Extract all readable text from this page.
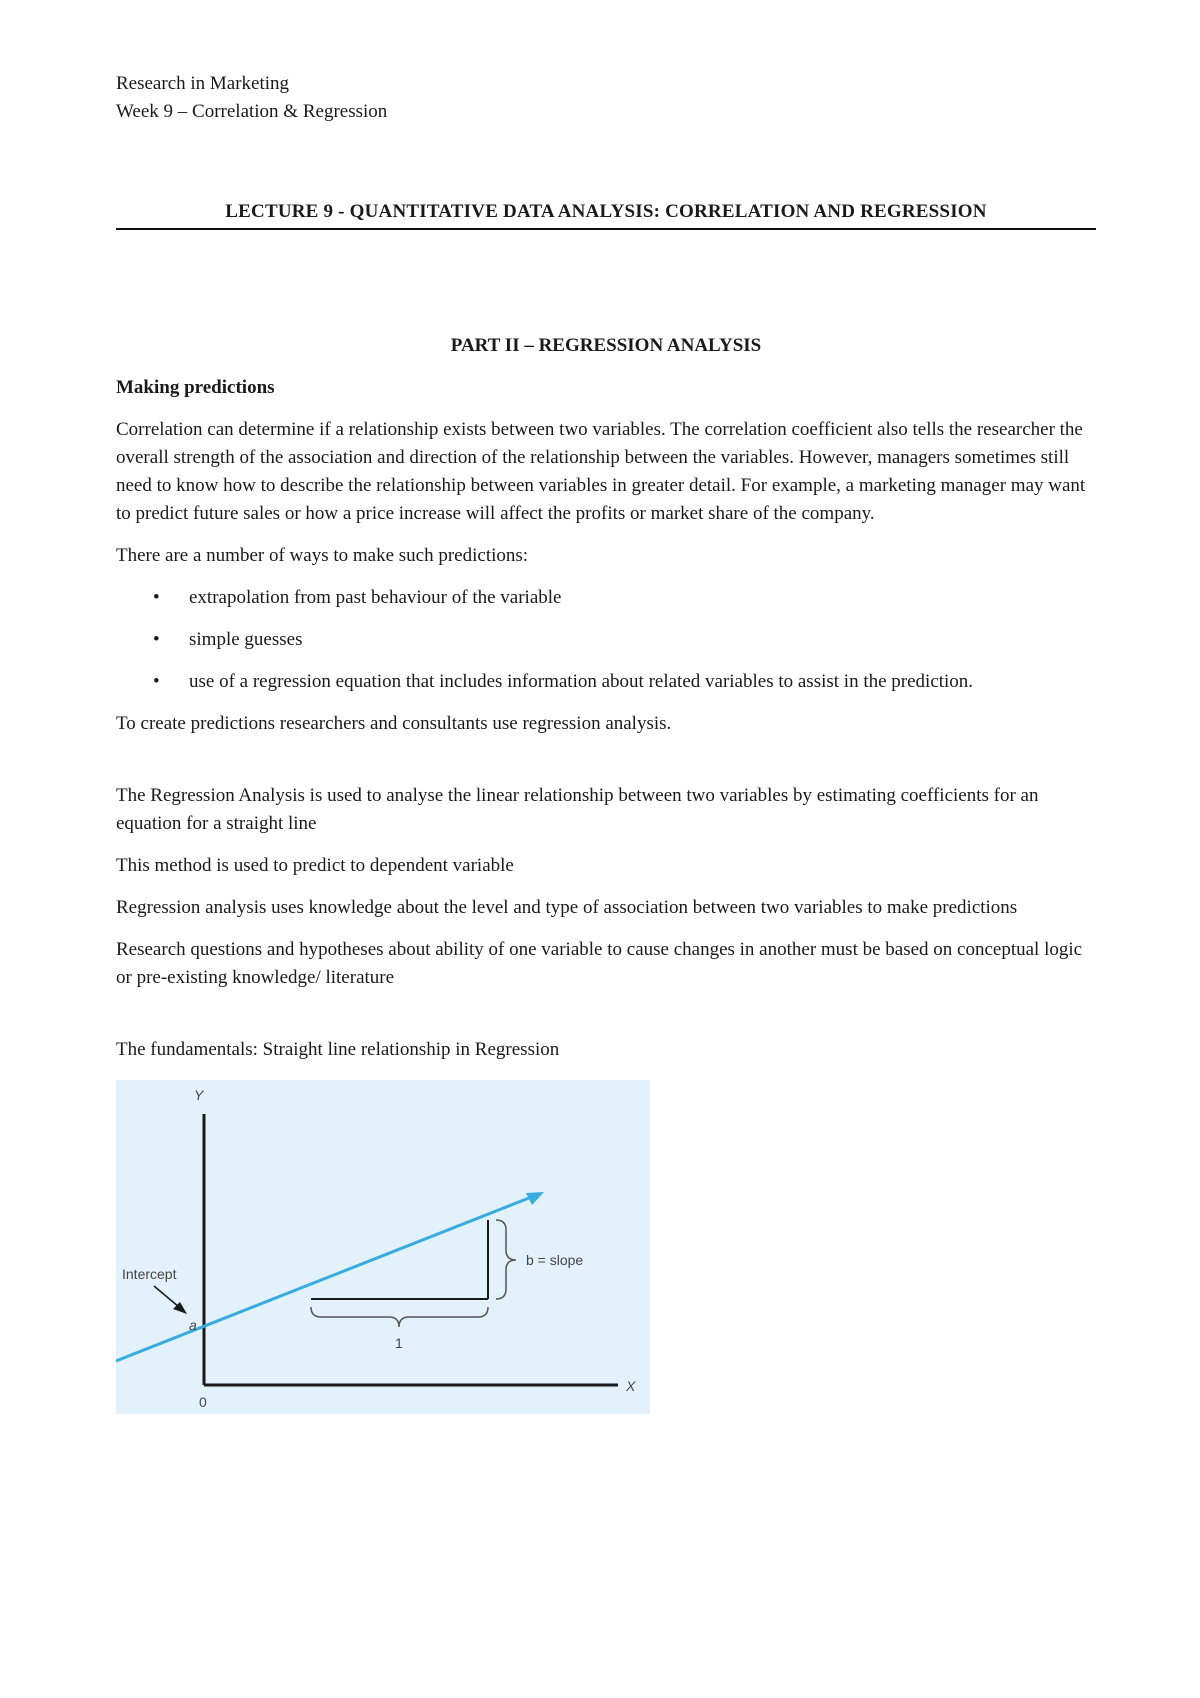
Research in Marketing

Week 9 – Correlation & Regression

LECTURE 9 - QUANTITATIVE DATA ANALYSIS: CORRELATION AND REGRESSION
PART II – REGRESSION ANALYSIS
Making predictions

Correlation can determine if a relationship exists between two variables. The correlation coefficient also tells the researcher the overall strength of the association and direction of the relationship between the variables. However, managers sometimes still need to know how to describe the relationship between variables in greater detail. For example, a marketing manager may want to predict future sales or how a price increase will affect the profits or market share of the company.

There are a number of ways to make such predictions:

• extrapolation from past behaviour of the variable
• simple guesses
• use of a regression equation that includes information about related variables to assist in the prediction.

To create predictions researchers and consultants use regression analysis.

The Regression Analysis is used to analyse the linear relationship between two variables by estimating coefficients for an equation for a straight line

This method is used to predict to dependent variable

Regression analysis uses knowledge about the level and type of association between two variables to make predictions

Research questions and hypotheses about ability of one variable to cause changes in another must be based on conceptual logic or pre-existing knowledge/ literature

The fundamentals: Straight line relationship in Regression

Y
X
0
Intercept
a
b = slope
1
